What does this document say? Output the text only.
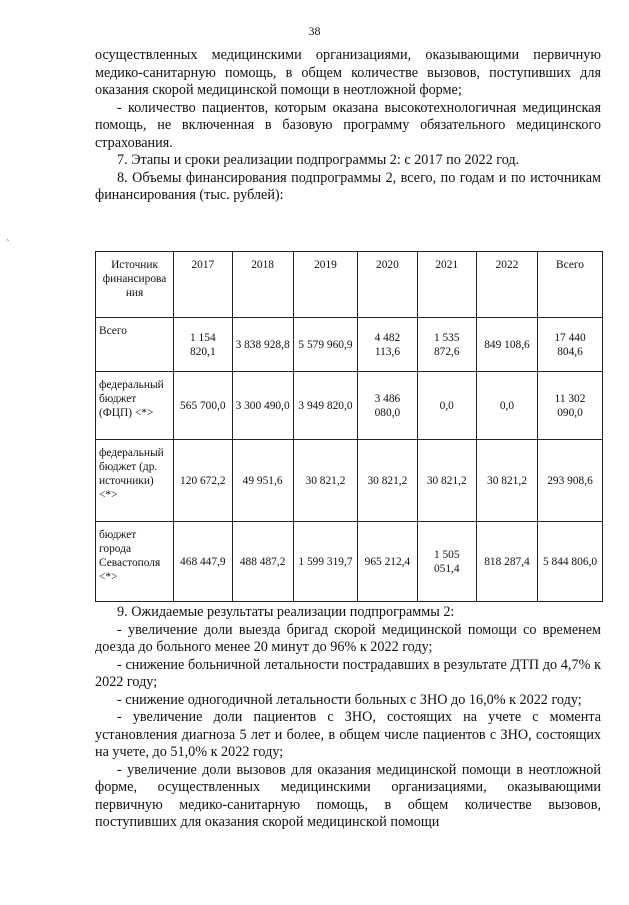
38
`

осуществленных медицинскими организациями, оказывающими первичную медико-санитарную помощь, в общем количестве вызовов, поступивших для оказания скорой медицинской помощи в неотложной форме;

- количество пациентов, которым оказана высокотехнологичная медицинская помощь, не включенная в базовую программу обязательного медицинского страхования.

7. Этапы и сроки реализации подпрограммы 2: с 2017 по 2022 год.

8. Объемы финансирования подпрограммы 2, всего, по годам и по источникам финансирования (тыс. рублей):

Источник финансирова ния	2017	2018	2019	2020	2021	2022	Всего
Всего	1 154 820,1	3 838 928,8	5 579 960,9	4 482 113,6	1 535 872,6	849 108,6	17 440 804,6
федеральный бюджет (ФЦП) <*>	565 700,0	3 300 490,0	3 949 820,0	3 486 080,0	0,0	0,0	11 302 090,0
федеральный бюджет (др. источники) <*>	120 672,2	49 951,6	30 821,2	30 821,2	30 821,2	30 821,2	293 908,6
бюджет города Севастополя <*>	468 447,9	488 487,2	1 599 319,7	965 212,4	1 505 051,4	818 287,4	5 844 806,0

9. Ожидаемые результаты реализации подпрограммы 2:

- увеличение доли выезда бригад скорой медицинской помощи со временем доезда до больного менее 20 минут до 96% к 2022 году;

- снижение больничной летальности пострадавших в результате ДТП до 4,7% к 2022 году;

- снижение одногодичной летальности больных с ЗНО до 16,0% к 2022 году;

- увеличение доли пациентов с ЗНО, состоящих на учете с момента установления диагноза 5 лет и более, в общем числе пациентов с ЗНО, состоящих на учете, до 51,0% к 2022 году;

- увеличение доли вызовов для оказания медицинской помощи в неотложной форме, осуществленных медицинскими организациями, оказывающими первичную медико-санитарную помощь, в общем количестве вызовов, поступивших для оказания скорой медицинской помощи
